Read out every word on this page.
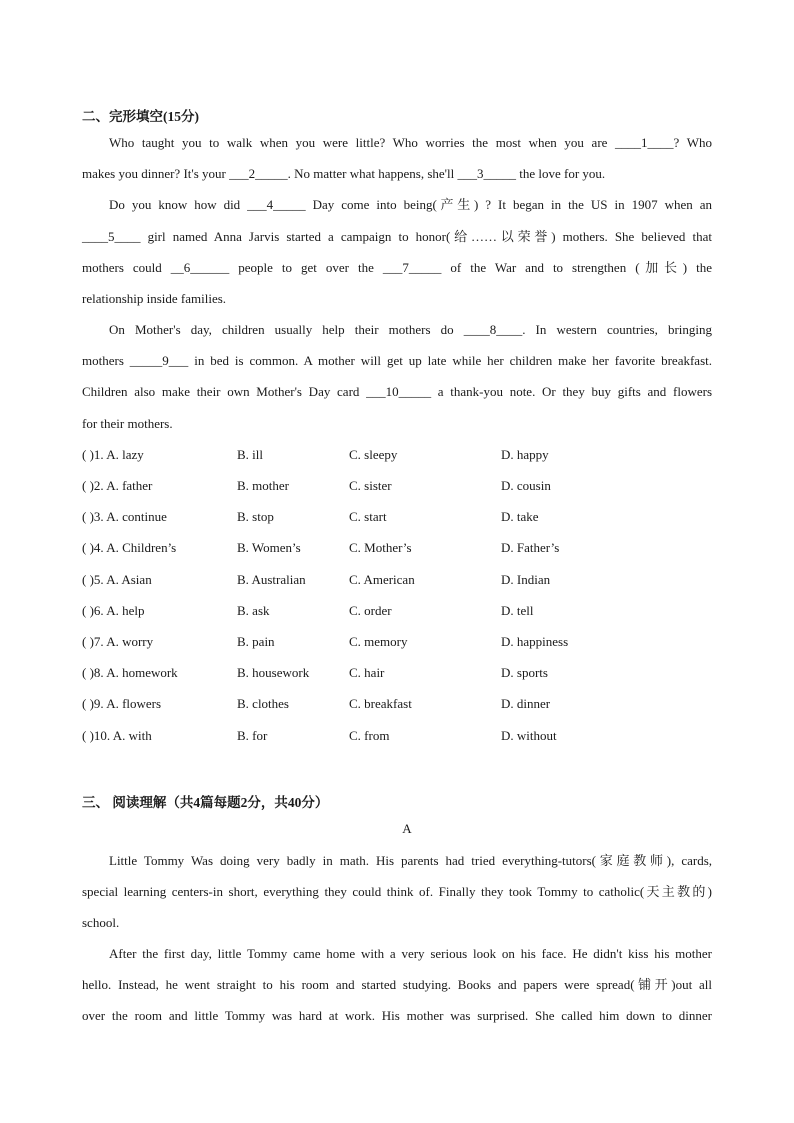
二、完形填空(15分)
Who taught you to walk when you were little? Who worries the most when you are ____1____? Who
makes you dinner? It's your ___2_____. No matter what happens, she'll ___3_____ the love for you.
Do you know how did ___4_____ Day come into being(产生) ? It began in the US in 1907 when an
____5____ girl named Anna Jarvis started a campaign to honor(给……以荣誉) mothers. She believed that
mothers could __6______ people to get over the ___7_____ of the War and to strengthen (加长) the
relationship inside families.
On Mother's day, children usually help their mothers do ____8____. In western countries, bringing
mothers _____9___ in bed is common. A mother will get up late while her children make her favorite breakfast.
Children also make their own Mother's Day card ___10_____ a thank-you note. Or they buy gifts and flowers
for their mothers.
( )1. A. lazy	B. ill	C. sleepy	D. happy
( )2. A. father	B. mother	C. sister	D. cousin
( )3. A. continue	B. stop	C. start	D. take
( )4. A. Children’s	B. Women’s	C. Mother’s	D. Father’s
( )5. A. Asian	B. Australian	C. American	D. Indian
( )6. A. help	B. ask	C. order	D. tell
( )7. A. worry	B. pain	C. memory	D. happiness
( )8. A. homework	B. housework	C. hair	D. sports
( )9. A. flowers	B. clothes	C. breakfast	D. dinner
( )10. A. with	B. for	C. from	D. without
三、 阅读理解（共4篇每题2分，共40分）
A
Little Tommy Was doing very badly in math. His parents had tried everything-tutors(家庭教师), cards,
special learning centers-in short, everything they could think of. Finally they took Tommy to catholic(天主教的)
school.
After the first day, little Tommy came home with a very serious look on his face. He didn't kiss his mother
hello. Instead, he went straight to his room and started studying. Books and papers were spread(铺开)out all
over the room and little Tommy was hard at work. His mother was surprised. She called him down to dinner
